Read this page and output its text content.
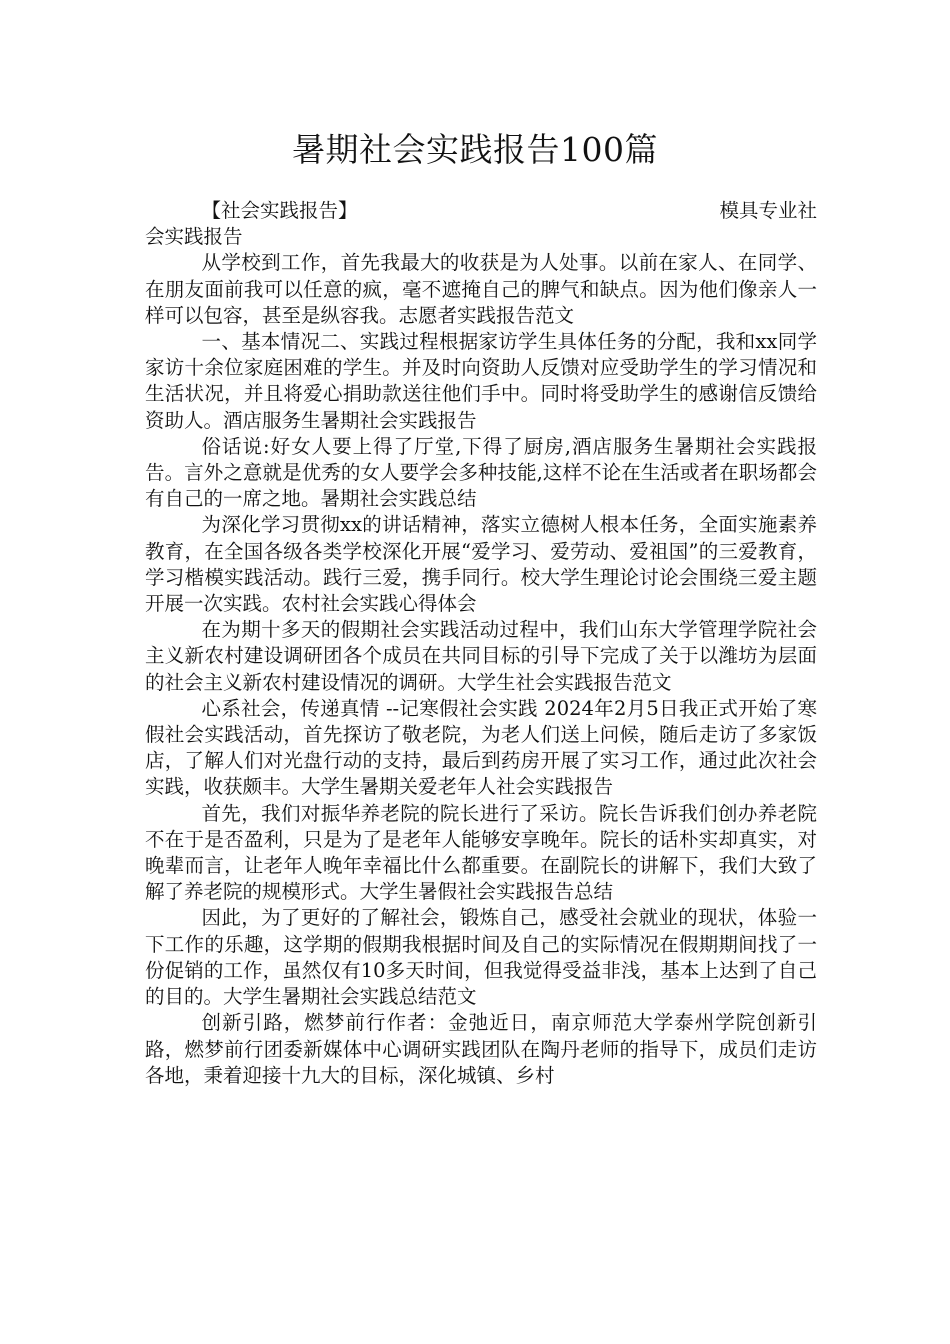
暑期社会实践报告100篇
【社会实践报告】	模具专业社

会实践报告

从学校到工作，首先我最大的收获是为人处事。以前在家人、在同学、在朋友面前我可以任意的疯，毫不遮掩自己的脾气和缺点。因为他们像亲人一样可以包容，甚至是纵容我。志愿者实践报告范文

一、基本情况二、实践过程根据家访学生具体任务的分配，我和xx同学家访十余位家庭困难的学生。并及时向资助人反馈对应受助学生的学习情况和生活状况，并且将爱心捐助款送往他们手中。同时将受助学生的感谢信反馈给资助人。酒店服务生暑期社会实践报告

俗话说:好女人要上得了厅堂,下得了厨房,酒店服务生暑期社会实践报告。言外之意就是优秀的女人要学会多种技能,这样不论在生活或者在职场都会有自己的一席之地。暑期社会实践总结

为深化学习贯彻xx的讲话精神，落实立德树人根本任务，全面实施素养教育，在全国各级各类学校深化开展“爱学习、爱劳动、爱祖国”的三爱教育，学习楷模实践活动。践行三爱，携手同行。校大学生理论讨论会围绕三爱主题开展一次实践。农村社会实践心得体会

在为期十多天的假期社会实践活动过程中，我们山东大学管理学院社会主义新农村建设调研团各个成员在共同目标的引导下完成了关于以潍坊为层面的社会主义新农村建设情况的调研。大学生社会实践报告范文

心系社会，传递真情 --记寒假社会实践 2024年2月5日我正式开始了寒假社会实践活动，首先探访了敬老院，为老人们送上问候，随后走访了多家饭店，了解人们对光盘行动的支持，最后到药房开展了实习工作，通过此次社会实践，收获颇丰。大学生暑期关爱老年人社会实践报告

首先，我们对振华养老院的院长进行了采访。院长告诉我们创办养老院不在于是否盈利，只是为了是老年人能够安享晚年。院长的话朴实却真实，对晚辈而言，让老年人晚年幸福比什么都重要。在副院长的讲解下，我们大致了解了养老院的规模形式。大学生暑假社会实践报告总结

因此，为了更好的了解社会，锻炼自己，感受社会就业的现状，体验一下工作的乐趣，这学期的假期我根据时间及自己的实际情况在假期期间找了一份促销的工作，虽然仅有10多天时间，但我觉得受益非浅，基本上达到了自己的目的。大学生暑期社会实践总结范文

创新引路，燃梦前行作者：金弛近日，南京师范大学泰州学院创新引路，燃梦前行团委新媒体中心调研实践团队在陶丹老师的指导下，成员们走访各地，秉着迎接十九大的目标，深化城镇、乡村
